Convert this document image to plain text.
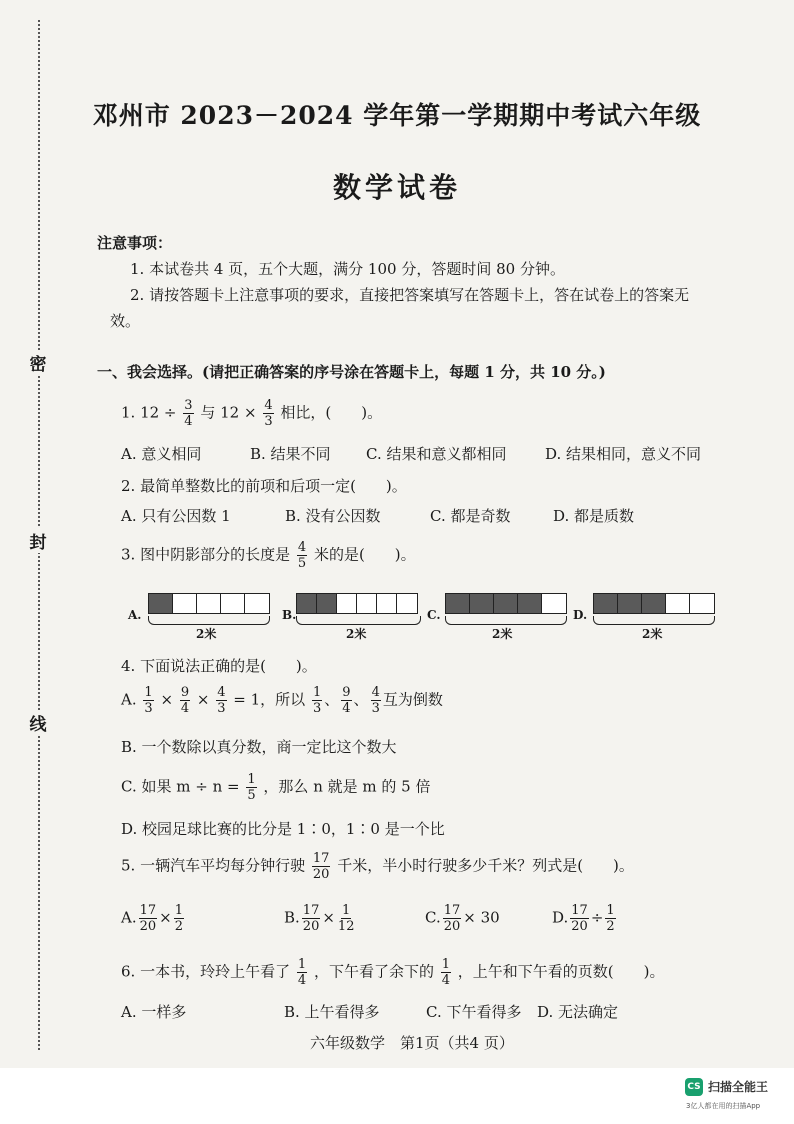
密
封
线
邓州市 2023－2024 学年第一学期期中考试六年级
数学试卷
注意事项：
1. 本试卷共 4 页，五个大题，满分 100 分，答题时间 80 分钟。
2. 请按答题卡上注意事项的要求，直接把答案填写在答题卡上，答在试卷上的答案无
效。
一、我会选择。(请把正确答案的序号涂在答题卡上，每题 1 分，共 10 分。)
1. $12 \div \frac{3}{4}$ 与 $12 \times \frac{4}{3}$ 相比，(　　)。
A. 意义相同	B. 结果不同 C. 结果和意义都相同	D. 结果相同，意义不同
2. 最简单整数比的前项和后项一定(　　)。
A. 只有公因数 1	B. 没有公因数	C. 都是奇数	D. 都是质数
3. 图中阴影部分的长度是 $\frac{4}{5}$ 米的是(　　)。
A.
2米
B.
2米
C.
2米
D.
2米
4. 下面说法正确的是(　　)。
A. $\frac{1}{3} \times \frac{9}{4} \times \frac{4}{3} = 1$，所以 $\frac{1}{3}$ 、 $\frac{9}{4}$ 、 $\frac{4}{3}$ 互为倒数
B. 一个数除以真分数，商一定比这个数大
C. 如果 $m \div n = \frac{1}{5}$ ，那么 n 就是 m 的 5 倍
D. 校园足球比赛的比分是 1∶0，1∶0 是一个比
5. 一辆汽车平均每分钟行驶 $\frac{17}{20}$ 千米，半小时行驶多少千米？列式是(　　)。
A. $\frac{17}{20} \times \frac{1}{2}$	B. $\frac{17}{20} \times \frac{1}{12}$	C. $\frac{17}{20} \times 30$	D. $\frac{17}{20} \div \frac{1}{2}$
6. 一本书，玲玲上午看了 $\frac{1}{4}$ ，下午看了余下的 $\frac{1}{4}$ ，上午和下午看的页数(　　)。
A. 一样多	B. 上午看得多	C. 下午看得多 D. 无法确定
六年级数学　第1页（共4 页）
CS 扫描全能王
3亿人都在用的扫描App
